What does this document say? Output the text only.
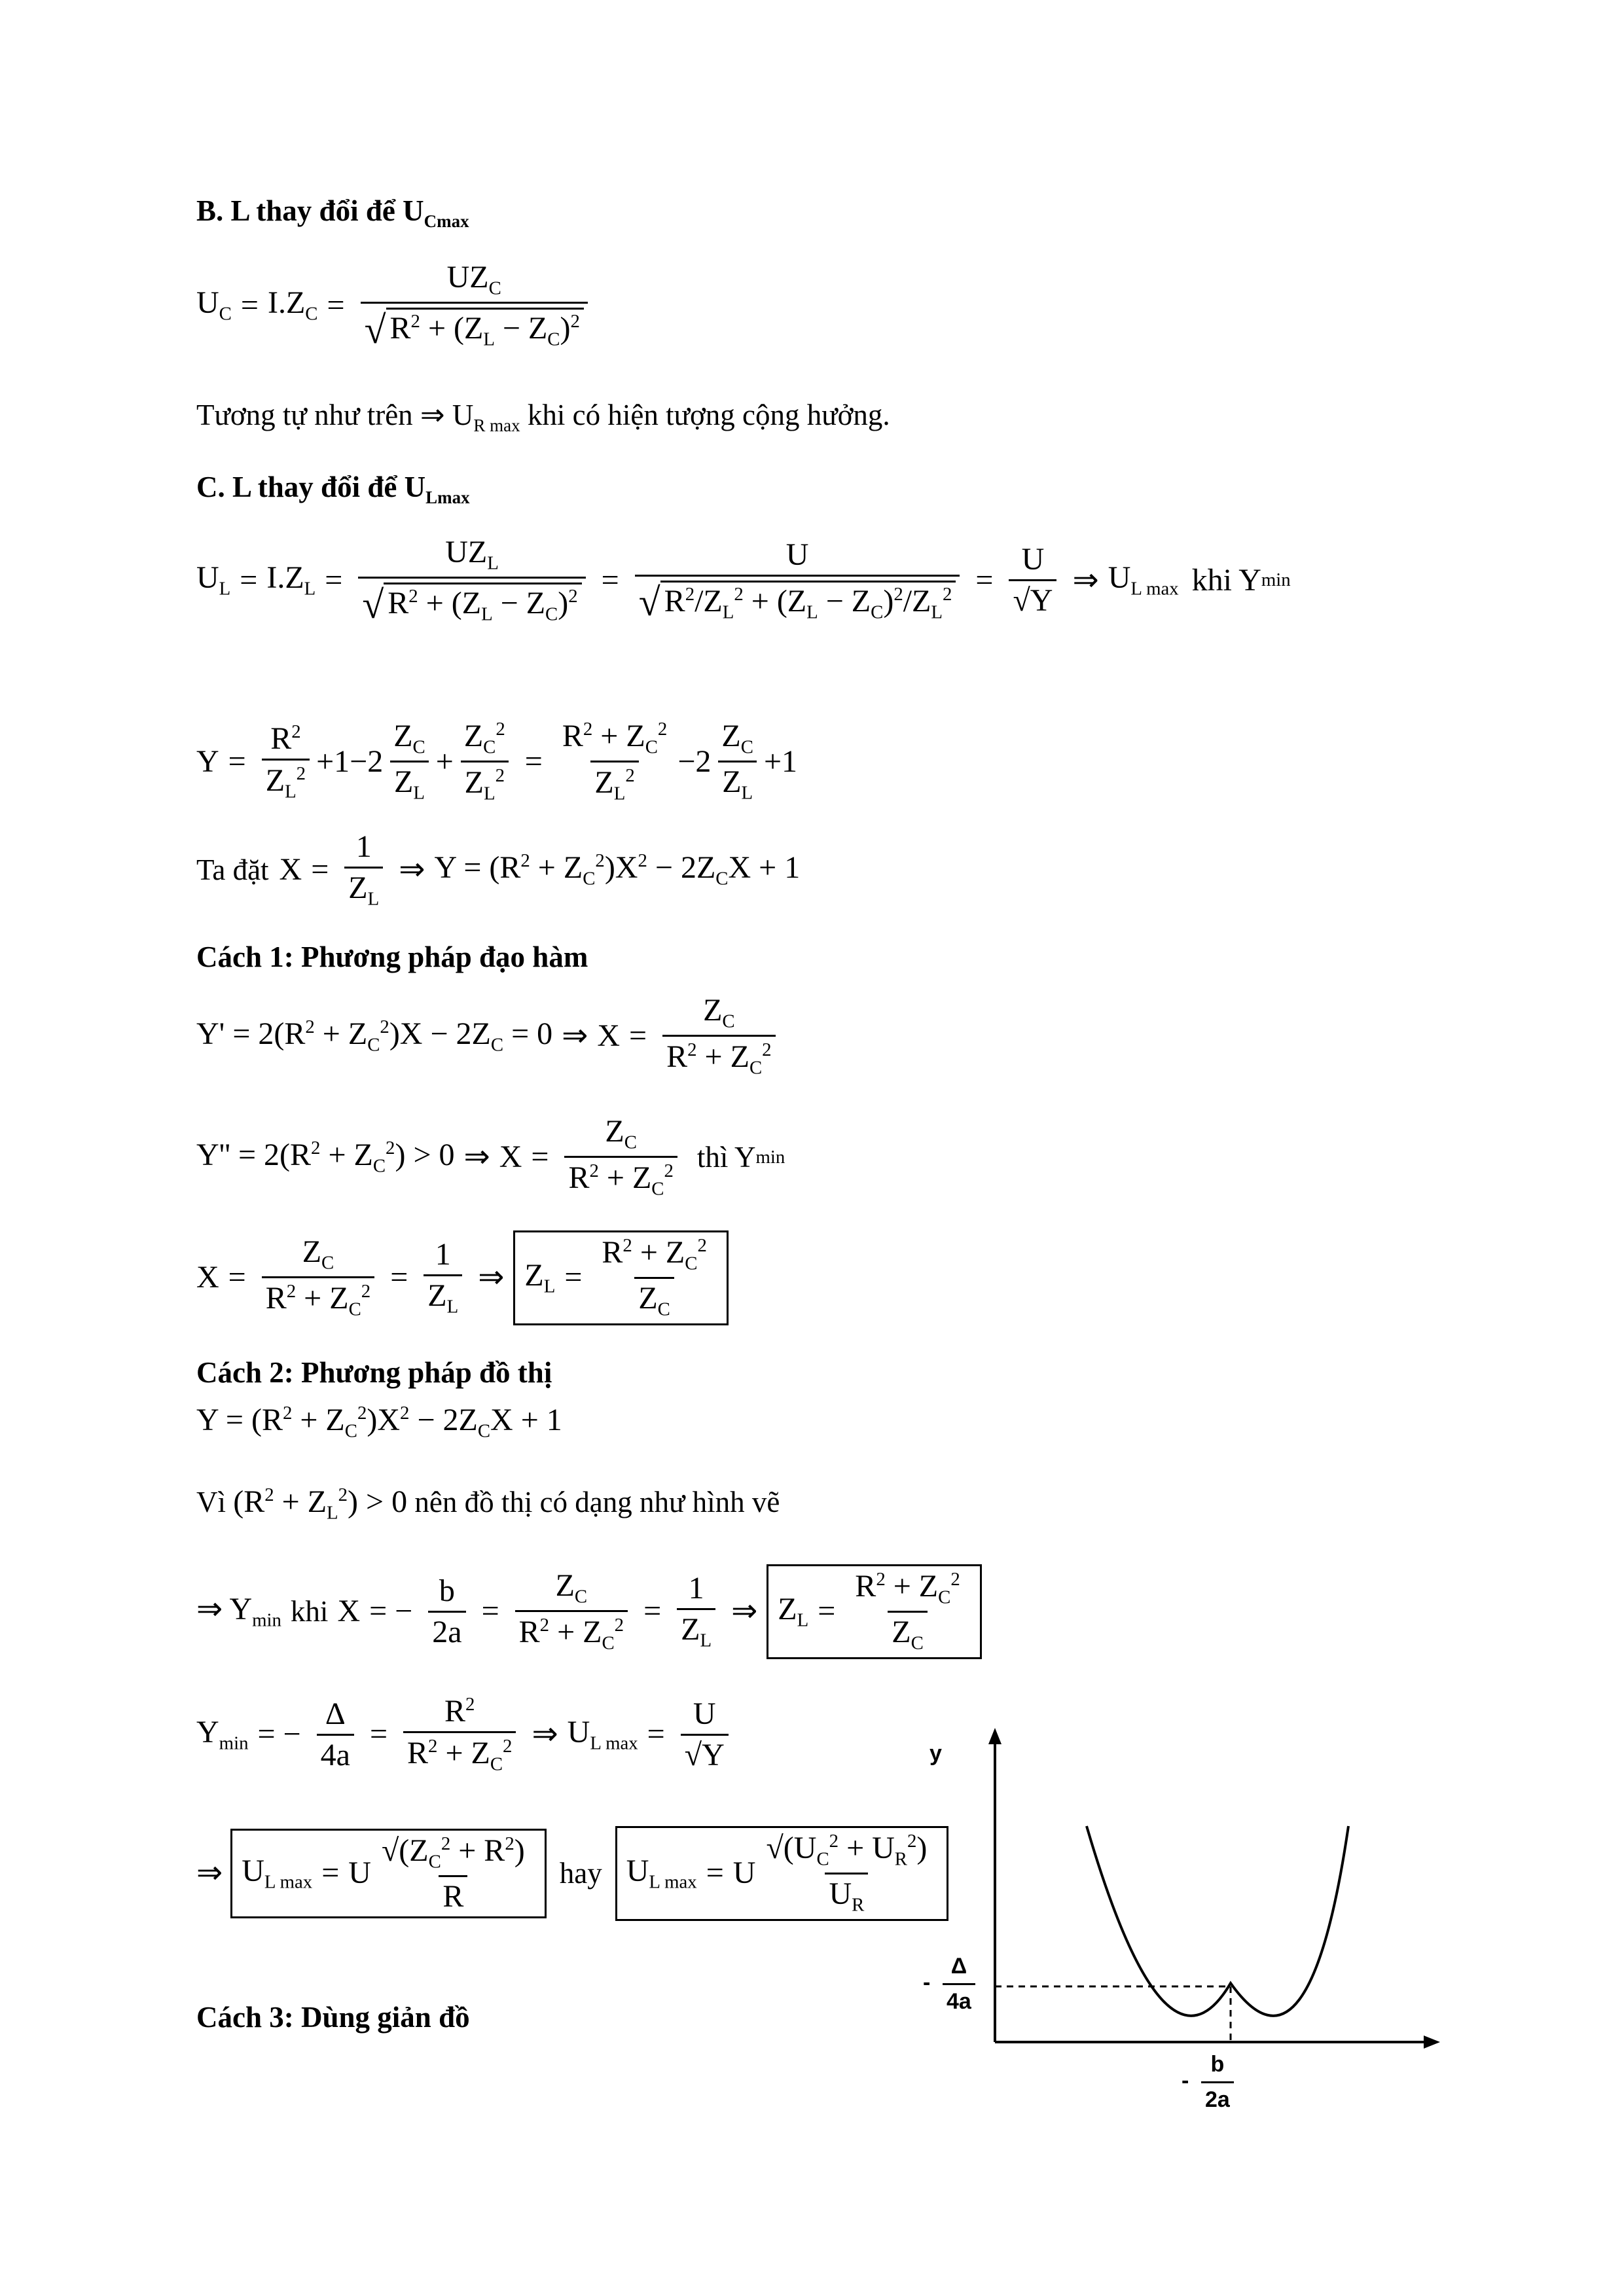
B. L thay đổi để $U_{Cmax}$
$U_C = I.Z_C = \frac{UZ_C}{√ R^2 + (Z_L - Z_C)^2}$
Tương tự như trên ⇒ $U_{R max}$ khi có hiện tượng cộng hưởng.
C. L thay đổi để $U_{Lmax}$
$U_L = I.Z_L = \frac{UZ_L}{√ R^2 + (Z_L - Z_C)^2} = \frac{U}{√ R^2/Z_L^2 + (Z_L - Z_C)^2/Z_L^2} = \frac{U}{√Y}$ ⇒ $U_{L max}$ khi Y min
$Y = \frac{R^2}{Z_L^2} +1-2 \frac{Z_C}{Z_L} + \frac{Z_C^2}{Z_L^2} = \frac{R^2 + Z_C^2}{Z_L^2} -2 \frac{Z_C}{Z_L} +1$
Ta đặt $X = \frac{1}{Z_L}$ ⇒ $Y = (R^2 + Z_C^2)X^2 - 2Z_CX + 1$
Cách 1: Phương pháp đạo hàm
$Y' = 2(R^2 + Z_C^2)X - 2Z_C = 0$ ⇒ $X = \frac{Z_C}{R^2 + Z_C^2}$
$Y'' = 2(R^2 + Z_C^2) > 0$ ⇒ $X = \frac{Z_C}{R^2 + Z_C^2}$ thì Y min
$X = \frac{Z_C}{R^2 + Z_C^2} = \frac{1}{Z_L}$ ⇒ $Z_L = \frac{R^2 + Z_C^2}{Z_C}$
Cách 2: Phương pháp đồ thị
$Y = (R^2 + Z_C^2)X^2 - 2Z_CX + 1$
Vì $(R^2 + Z_L^2) > 0$ nên đồ thị có dạng như hình vẽ
⇒ $Y_{min}$ khi X = − $\frac{b}{2a} = \frac{Z_C}{R^2 + Z_C^2} = \frac{1}{Z_L}$ ⇒ $Z_L = \frac{R^2 + Z_C^2}{Z_C}$
$Y_{min}$ = − $\frac{\Delta}{4a} = \frac{R^2}{R^2 + Z_C^2}$ ⇒ $U_{L max} = \frac{U}{√Y}$
⇒ $U_{L max} = U \frac{√(Z_C^2 + R^2)}{R}$ hay $U_{L max} = U \frac{√(U_C^2 + U_R^2)}{U_R}$
Cách 3: Dùng giản đồ
y
- $\frac{\Delta}{4a}$
- $\frac{b}{2a}$
